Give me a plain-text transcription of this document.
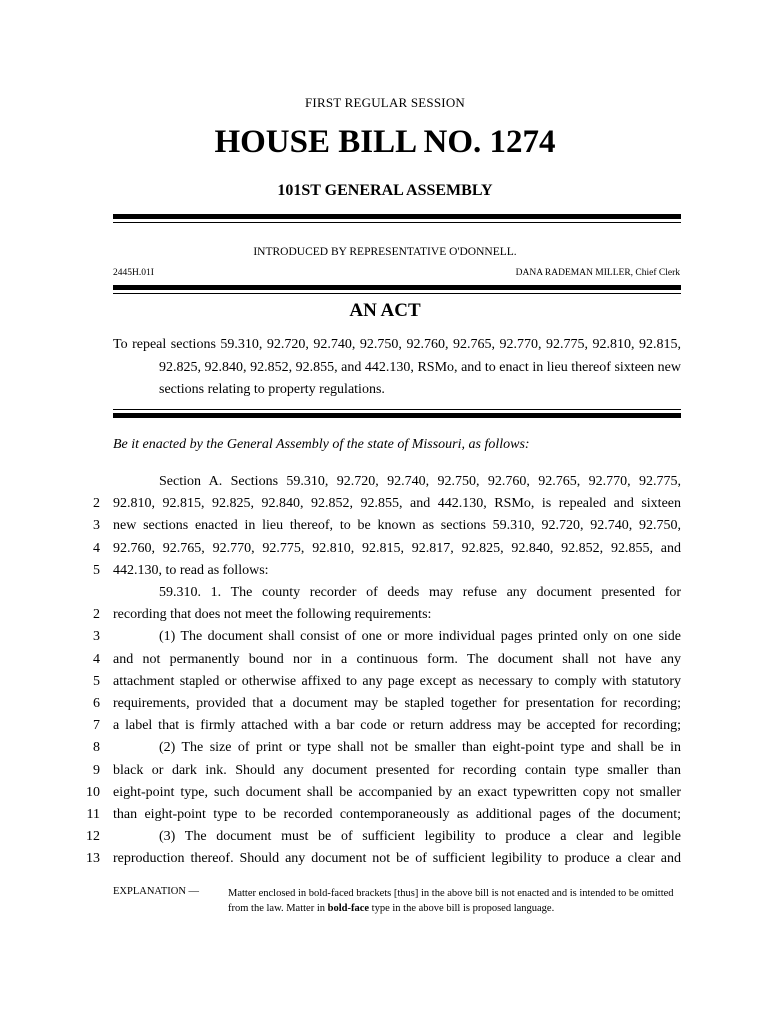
FIRST REGULAR SESSION
HOUSE BILL NO. 1274
101ST GENERAL ASSEMBLY
INTRODUCED BY REPRESENTATIVE O'DONNELL.
2445H.01I	DANA RADEMAN MILLER, Chief Clerk
AN ACT
To repeal sections 59.310, 92.720, 92.740, 92.750, 92.760, 92.765, 92.770, 92.775, 92.810, 92.815, 92.825, 92.840, 92.852, 92.855, and 442.130, RSMo, and to enact in lieu thereof sixteen new sections relating to property regulations.
Be it enacted by the General Assembly of the state of Missouri, as follows:
Section A. Sections 59.310, 92.720, 92.740, 92.750, 92.760, 92.765, 92.770, 92.775,
2 92.810, 92.815, 92.825, 92.840, 92.852, 92.855, and 442.130, RSMo, is repealed and sixteen
3 new sections enacted in lieu thereof, to be known as sections 59.310, 92.720, 92.740, 92.750,
4 92.760, 92.765, 92.770, 92.775, 92.810, 92.815, 92.817, 92.825, 92.840, 92.852, 92.855, and
5 442.130, to read as follows:
59.310. 1. The county recorder of deeds may refuse any document presented for
2 recording that does not meet the following requirements:
3	(1) The document shall consist of one or more individual pages printed only on one side
4 and not permanently bound nor in a continuous form. The document shall not have any
5 attachment stapled or otherwise affixed to any page except as necessary to comply with statutory
6 requirements, provided that a document may be stapled together for presentation for recording;
7 a label that is firmly attached with a bar code or return address may be accepted for recording;
8	(2) The size of print or type shall not be smaller than eight-point type and shall be in
9 black or dark ink. Should any document presented for recording contain type smaller than
10 eight-point type, such document shall be accompanied by an exact typewritten copy not smaller
11 than eight-point type to be recorded contemporaneously as additional pages of the document;
12	(3) The document must be of sufficient legibility to produce a clear and legible
13 reproduction thereof. Should any document not be of sufficient legibility to produce a clear and
EXPLANATION —	Matter enclosed in bold-faced brackets [thus] in the above bill is not enacted and is intended to be omitted from the law. Matter in bold-face type in the above bill is proposed language.
